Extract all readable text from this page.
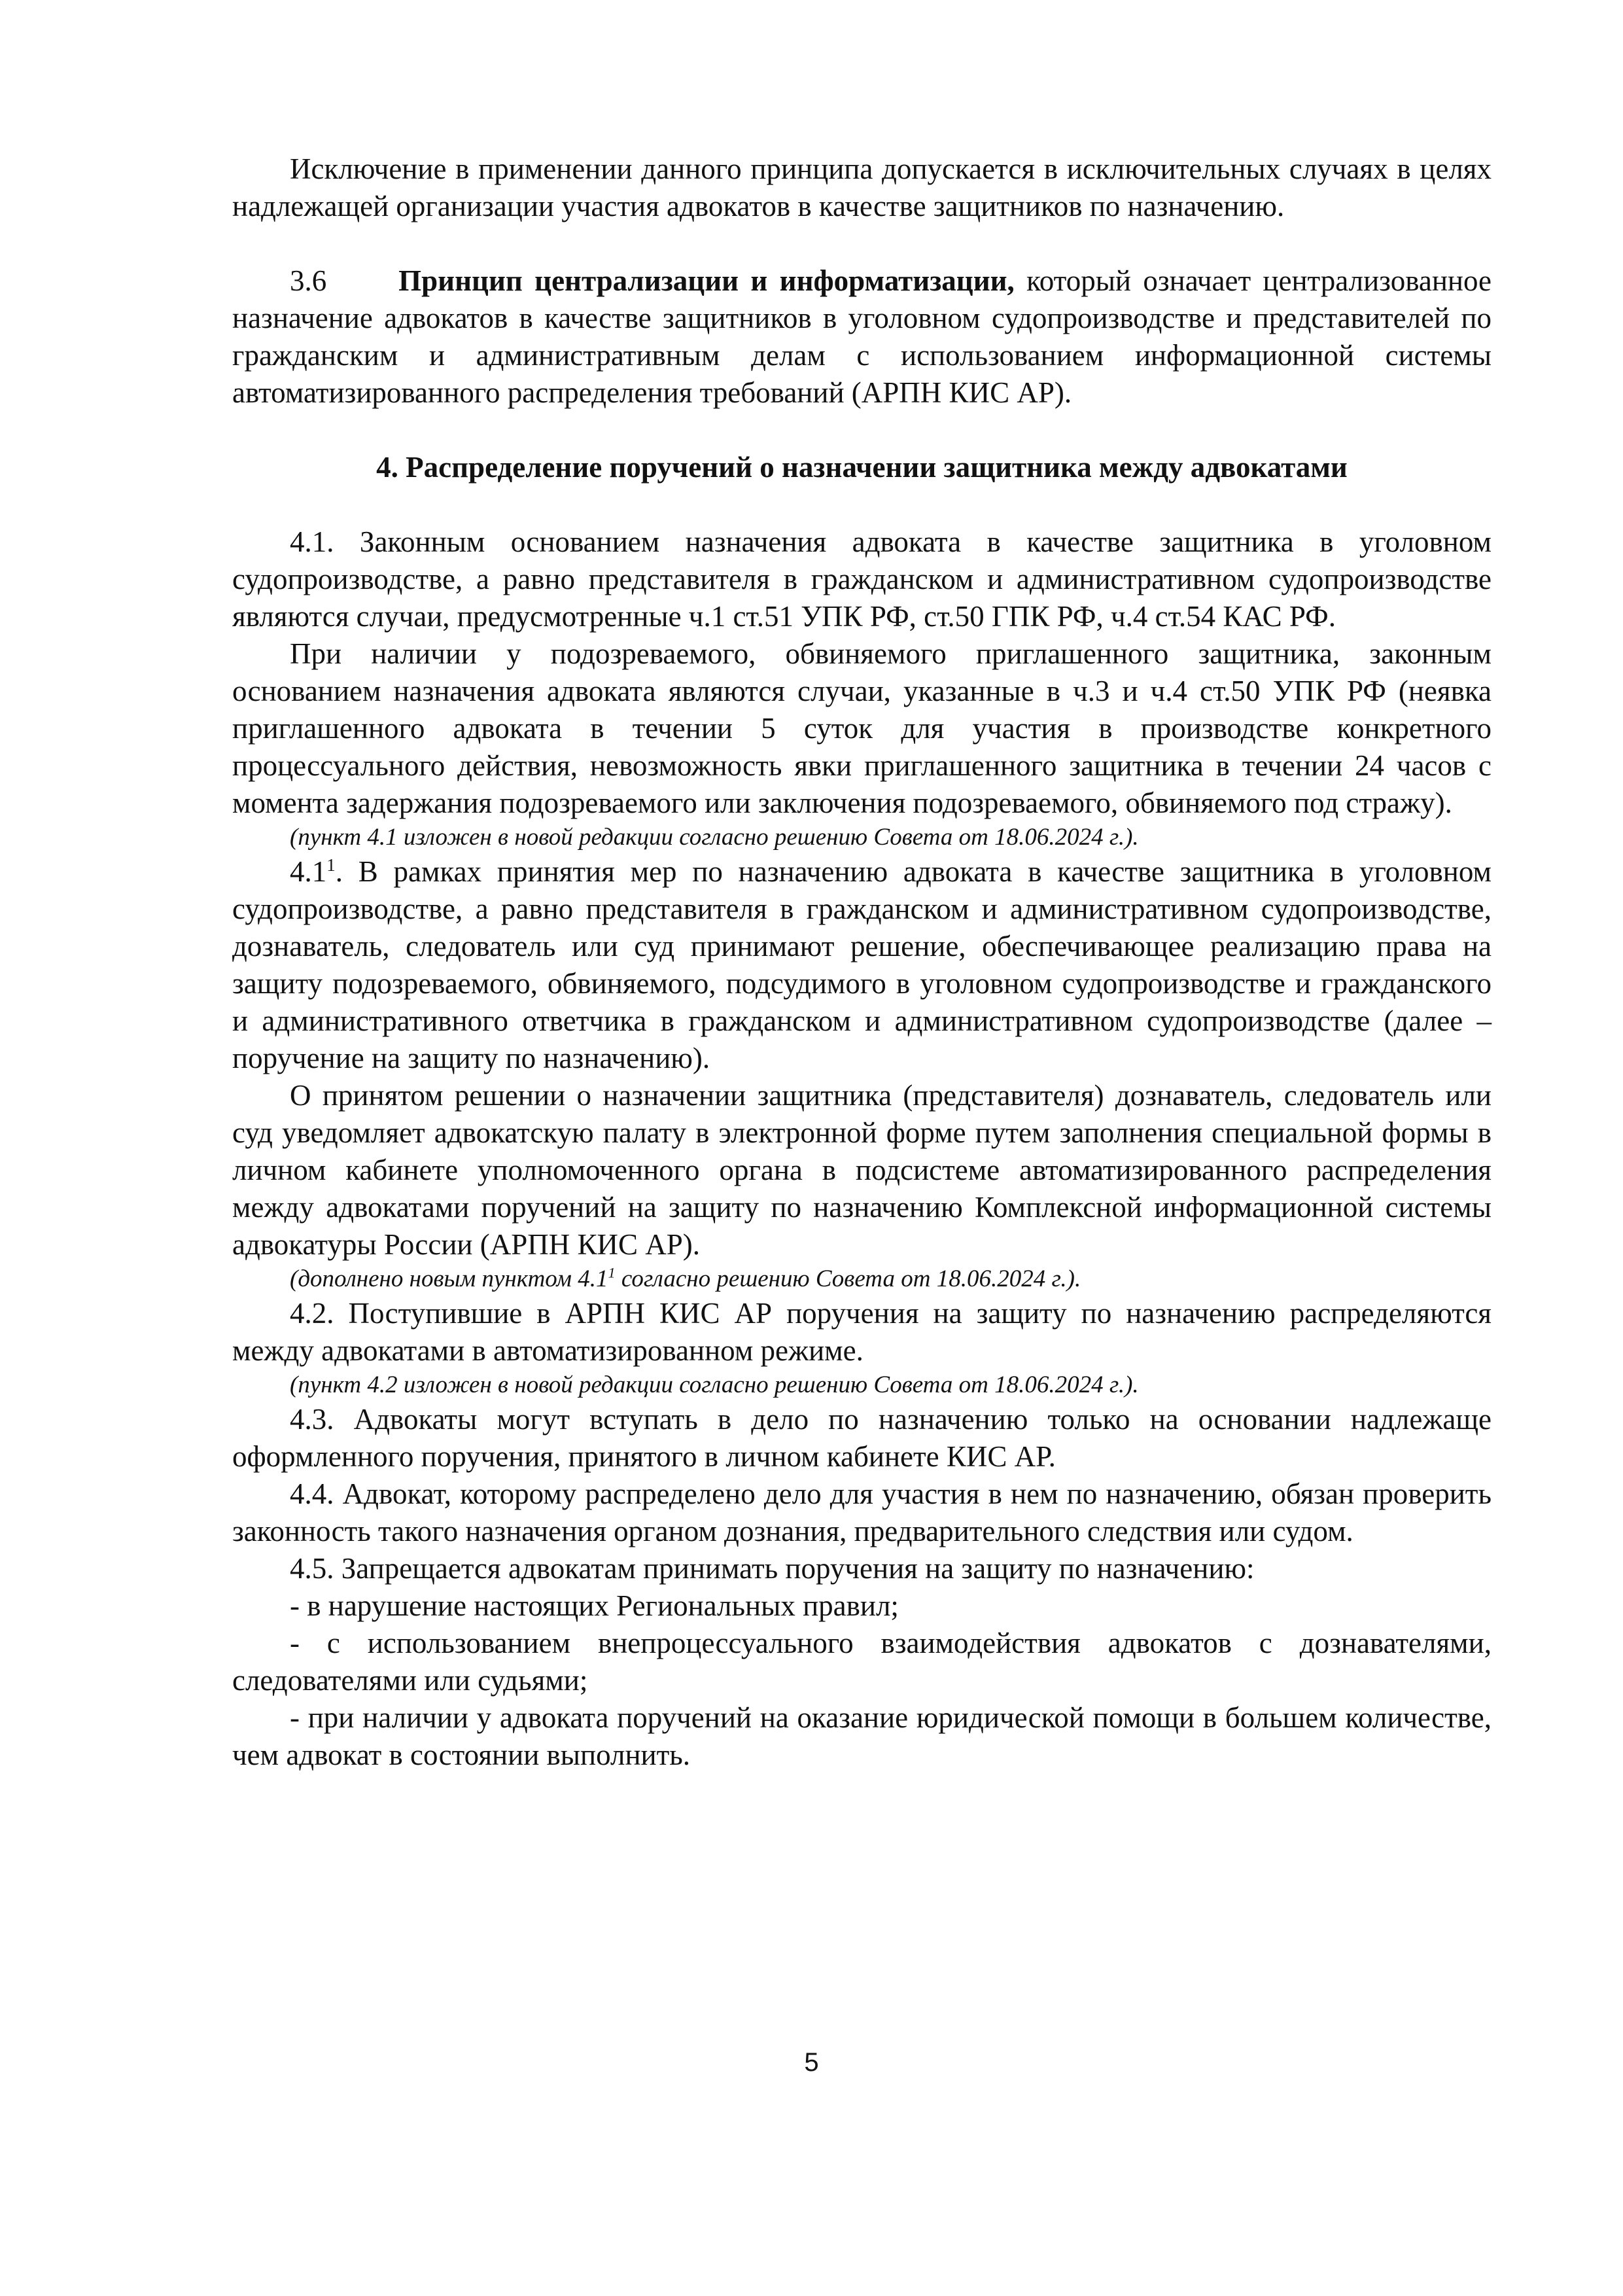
Исключение в применении данного принципа допускается в исключительных случаях в целях надлежащей организации участия адвокатов в качестве защитников по назначению.

3.6 Принцип централизации и информатизации, который означает централизованное назначение адвокатов в качестве защитников в уголовном судопроизводстве и представителей по гражданским и административным делам с использованием информационной системы автоматизированного распределения требований (АРПН КИС АР).

4. Распределение поручений о назначении защитника между адвокатами

4.1. Законным основанием назначения адвоката в качестве защитника в уголовном судопроизводстве, а равно представителя в гражданском и административном судопроизводстве являются случаи, предусмотренные ч.1 ст.51 УПК РФ, ст.50 ГПК РФ, ч.4 ст.54 КАС РФ.

При наличии у подозреваемого, обвиняемого приглашенного защитника, законным основанием назначения адвоката являются случаи, указанные в ч.3 и ч.4 ст.50 УПК РФ (неявка приглашенного адвоката в течении 5 суток для участия в производстве конкретного процессуального действия, невозможность явки приглашенного защитника в течении 24 часов с момента задержания подозреваемого или заключения подозреваемого, обвиняемого под стражу).

(пункт 4.1 изложен в новой редакции согласно решению Совета от 18.06.2024 г.).

$4.1^1$. В рамках принятия мер по назначению адвоката в качестве защитника в уголовном судопроизводстве, а равно представителя в гражданском и административном судопроизводстве, дознаватель, следователь или суд принимают решение, обеспечивающее реализацию права на защиту подозреваемого, обвиняемого, подсудимого в уголовном судопроизводстве и гражданского и административного ответчика в гражданском и административном судопроизводстве (далее – поручение на защиту по назначению).

О принятом решении о назначении защитника (представителя) дознаватель, следователь или суд уведомляет адвокатскую палату в электронной форме путем заполнения специальной формы в личном кабинете уполномоченного органа в подсистеме автоматизированного распределения между адвокатами поручений на защиту по назначению Комплексной информационной системы адвокатуры России (АРПН КИС АР).

(дополнено новым пунктом $4.1^1$ согласно решению Совета от 18.06.2024 г.).

4.2. Поступившие в АРПН КИС АР поручения на защиту по назначению распределяются между адвокатами в автоматизированном режиме.

(пункт 4.2 изложен в новой редакции согласно решению Совета от 18.06.2024 г.).

4.3. Адвокаты могут вступать в дело по назначению только на основании надлежаще оформленного поручения, принятого в личном кабинете КИС АР.

4.4. Адвокат, которому распределено дело для участия в нем по назначению, обязан проверить законность такого назначения органом дознания, предварительного следствия или судом.

4.5. Запрещается адвокатам принимать поручения на защиту по назначению:

- в нарушение настоящих Региональных правил;

- с использованием внепроцессуального взаимодействия адвокатов с дознавателями, следователями или судьями;

- при наличии у адвоката поручений на оказание юридической помощи в большем количестве, чем адвокат в состоянии выполнить.

5
